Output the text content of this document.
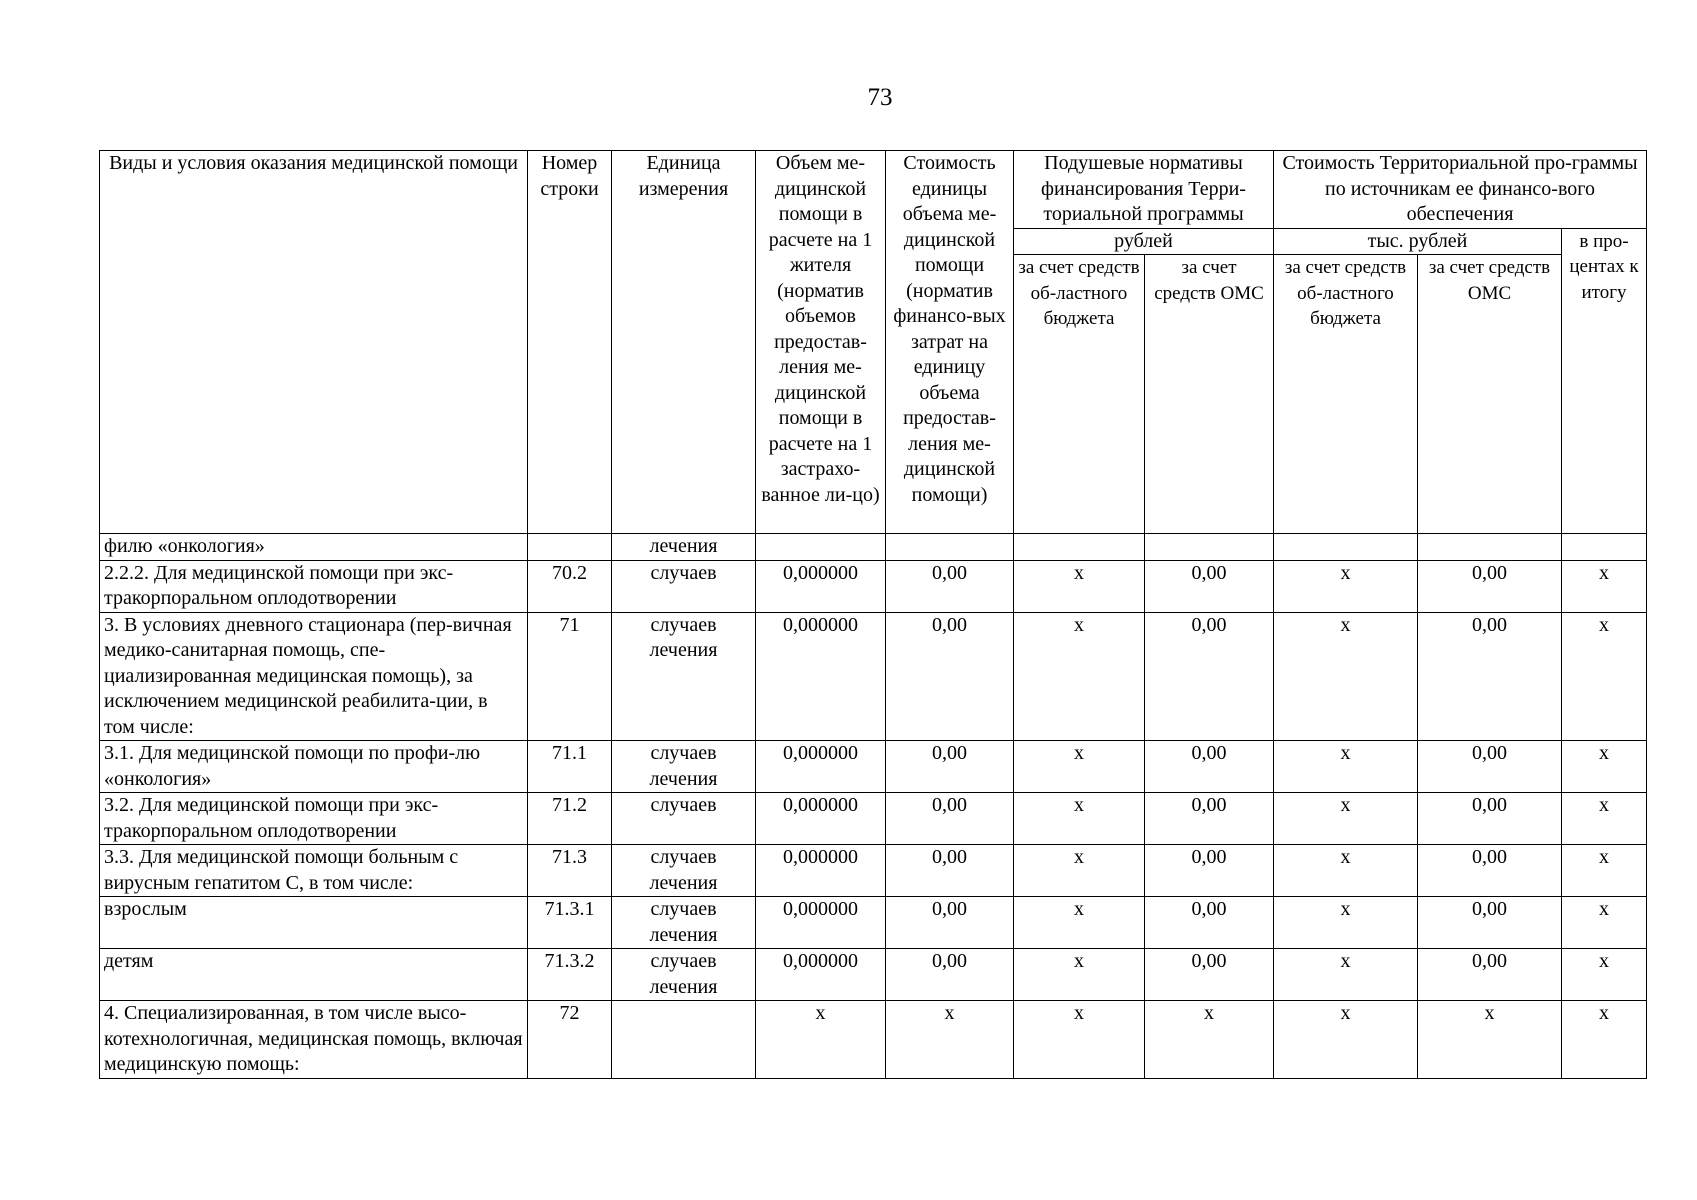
73
Виды и условия оказания медицинской помощи	Номер строки	Единица измерения	Объем ме-дицинской помощи в расчете на 1 жителя (норматив объемов предостав-ления ме-дицинской помощи в расчете на 1 застрахо-ванное ли-цо)	Стоимость единицы объема ме-дицинской помощи (норматив финансо-вых затрат на единицу объема предостав-ления ме-дицинской помощи)	Подушевые нормативы финансирования Терри-ториальной программы		Стоимость Территориальной про-граммы по источникам ее финансо-вого обеспечения		
					рублей		тыс. рублей		в про-центах к итогу
					за счет средств об-ластного бюджета	за счет средств ОМС	за счет средств об-ластного бюджета	за счет средств ОМС	
филю «онкология»		лечения							
2.2.2. Для медицинской помощи при экс-тракорпоральном оплодотворении	70.2	случаев	0,000000	0,00	х	0,00	х	0,00	х
3. В условиях дневного стационара (пер-вичная медико-санитарная помощь, спе-циализированная медицинская помощь), за исключением медицинской реабилита-ции, в том числе:	71	случаев лечения	0,000000	0,00	х	0,00	х	0,00	х
3.1. Для медицинской помощи по профи-лю «онкология»	71.1	случаев лечения	0,000000	0,00	х	0,00	х	0,00	х
3.2. Для медицинской помощи при экс-тракорпоральном оплодотворении	71.2	случаев	0,000000	0,00	х	0,00	х	0,00	х
3.3. Для медицинской помощи больным с вирусным гепатитом С, в том числе:	71.3	случаев лечения	0,000000	0,00	х	0,00	х	0,00	х
взрослым	71.3.1	случаев лечения	0,000000	0,00	х	0,00	х	0,00	х
детям	71.3.2	случаев лечения	0,000000	0,00	х	0,00	х	0,00	х
4. Специализированная, в том числе высо-котехнологичная, медицинская помощь, включая медицинскую помощь:	72		х	х	х	х	х	х	х
